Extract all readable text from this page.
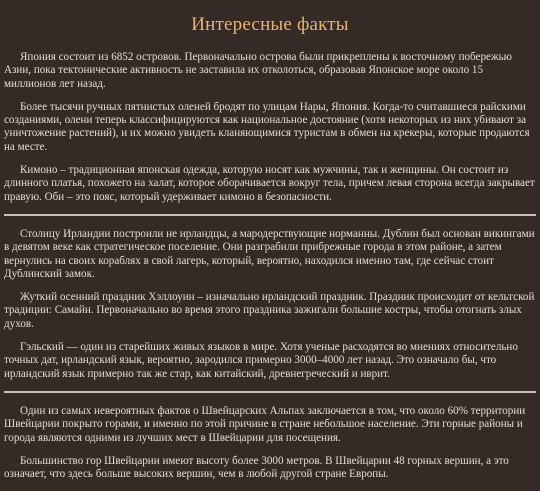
Интересные факты

Япония состоит из 6852 островов. Первоначально острова были прикреплены к восточному побережью Азии, пока тектонические активность не заставила их отколоться, образовав Японское море около 15 миллионов лет назад.

Более тысячи ручных пятнистых оленей бродят по улицам Нары, Япония. Когда-то считавшиеся райскими созданиями, олени теперь классифицируются как национальное достояние (хотя некоторых из них убивают за уничтожение растений), и их можно увидеть кланяющимися туристам в обмен на крекеры, которые продаются на месте.

Кимоно – традиционная японская одежда, которую носят как мужчины, так и женщины. Он состоит из длинного платья, похожего на халат, которое оборачивается вокруг тела, причем левая сторона всегда закрывает правую. Оби – это пояс, который удерживает кимоно в безопасности.

Столицу Ирландии построили не ирландцы, а мародерствующие норманны. Дублин был основан викингами в девятом веке как стратегическое поселение. Они разграбили прибрежные города в этом районе, а затем вернулись на своих кораблях в свой лагерь, который, вероятно, находился именно там, где сейчас стоит Дублинский замок.

Жуткий осенний праздник Хэллоуин – изначально ирландский праздник. Праздник происходит от кельтской традиции: Самайн. Первоначально во время этого праздника зажигали большие костры, чтобы отогнать злых духов.

Гэльский — один из старейших живых языков в мире. Хотя ученые расходятся во мнениях относительно точных дат, ирландский язык, вероятно, зародился примерно 3000–4000 лет назад. Это означало бы, что ирландский язык примерно так же стар, как китайский, древнегреческий и иврит.

Один из самых невероятных фактов о Швейцарских Альпах заключается в том, что около 60% территории Швейцарии покрыто горами, и именно по этой причине в стране небольшое население. Эти горные районы и города являются одними из лучших мест в Швейцарии для посещения.

Большинство гор Швейцарии имеют высоту более 3000 метров. В Швейцарии 48 горных вершин, а это означает, что здесь больше высоких вершин, чем в любой другой стране Европы.
